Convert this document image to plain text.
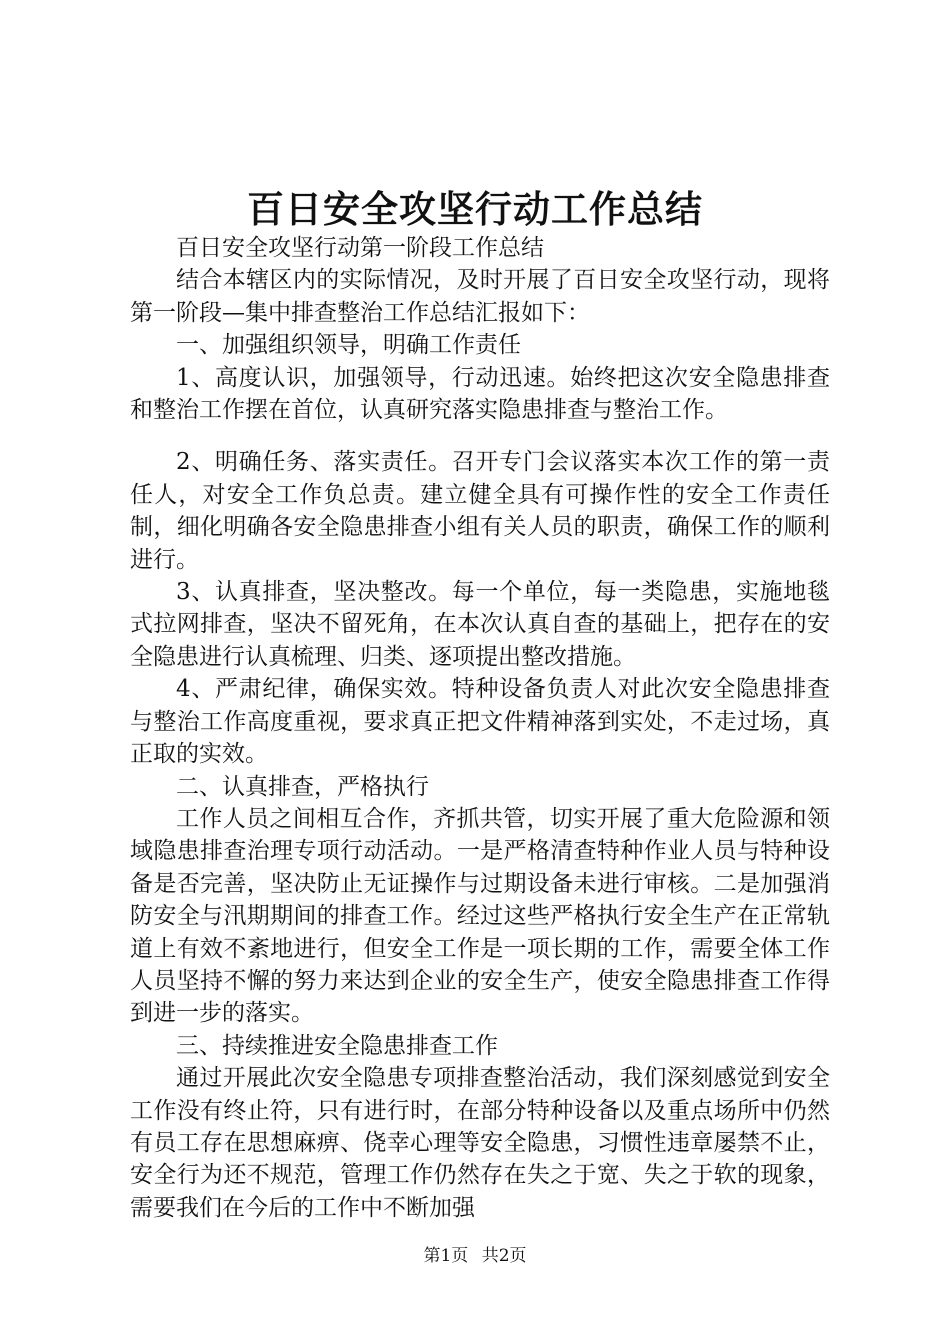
百日安全攻坚行动工作总结

百日安全攻坚行动第一阶段工作总结

结合本辖区内的实际情况，及时开展了百日安全攻坚行动，现将第一阶段—集中排查整治工作总结汇报如下：

一、加强组织领导，明确工作责任

1、高度认识，加强领导，行动迅速。始终把这次安全隐患排查和整治工作摆在首位，认真研究落实隐患排查与整治工作。

2、明确任务、落实责任。召开专门会议落实本次工作的第一责任人，对安全工作负总责。建立健全具有可操作性的安全工作责任制，细化明确各安全隐患排查小组有关人员的职责，确保工作的顺利进行。

3、认真排查，坚决整改。每一个单位，每一类隐患，实施地毯式拉网排查，坚决不留死角，在本次认真自查的基础上，把存在的安全隐患进行认真梳理、归类、逐项提出整改措施。

4、严肃纪律，确保实效。特种设备负责人对此次安全隐患排查与整治工作高度重视，要求真正把文件精神落到实处，不走过场，真正取的实效。

二、认真排查，严格执行

工作人员之间相互合作，齐抓共管，切实开展了重大危险源和领域隐患排查治理专项行动活动。一是严格清查特种作业人员与特种设备是否完善，坚决防止无证操作与过期设备未进行审核。二是加强消防安全与汛期期间的排查工作。经过这些严格执行安全生产在正常轨道上有效不紊地进行，但安全工作是一项长期的工作，需要全体工作人员坚持不懈的努力来达到企业的安全生产，使安全隐患排查工作得到进一步的落实。

三、持续推进安全隐患排查工作

通过开展此次安全隐患专项排查整治活动，我们深刻感觉到安全工作没有终止符，只有进行时，在部分特种设备以及重点场所中仍然有员工存在思想麻痹、侥幸心理等安全隐患，习惯性违章屡禁不止，安全行为还不规范，管理工作仍然存在失之于宽、失之于软的现象，需要我们在今后的工作中不断加强

第1页 共2页
